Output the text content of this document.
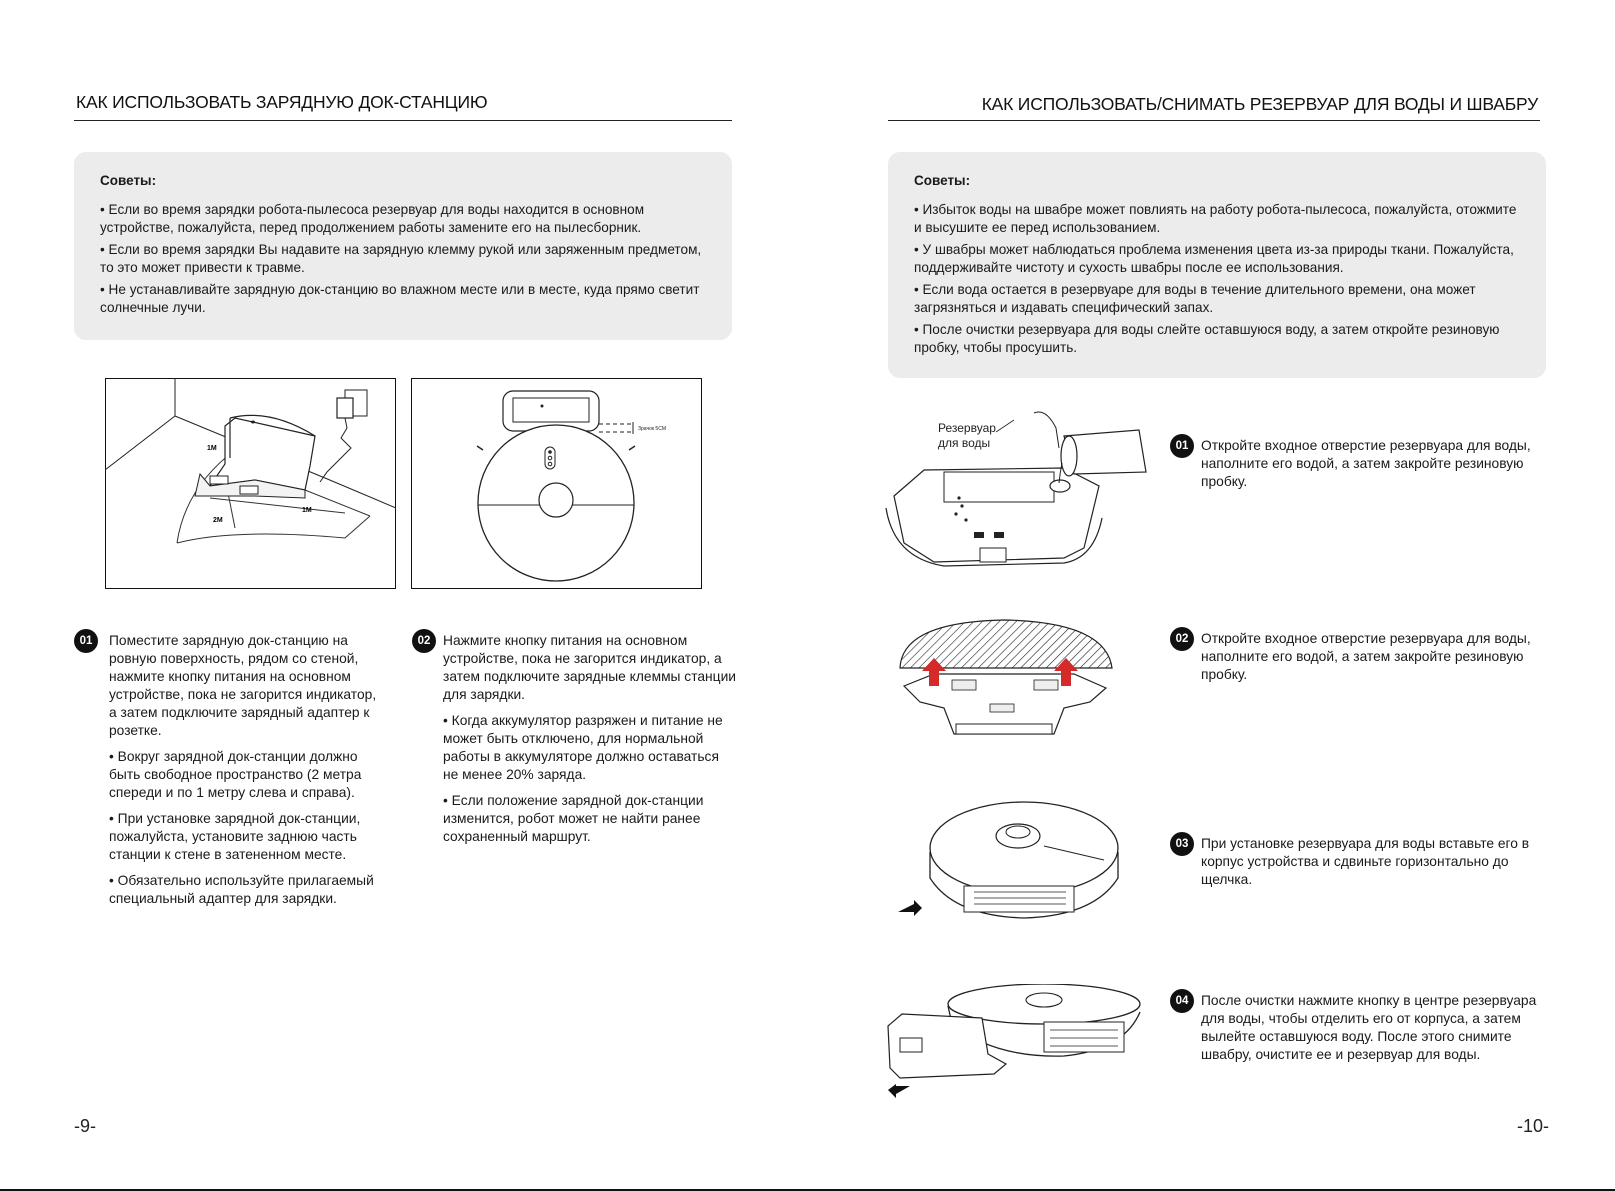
КАК ИСПОЛЬЗОВАТЬ ЗАРЯДНУЮ ДОК-СТАНЦИЮ
Советы:

• Если во время зарядки робота-пылесоса резервуар для воды находится в основном устройстве, пожалуйста, перед продолжением работы замените его на пылесборник.

• Если во время зарядки Вы надавите на зарядную клемму рукой или заряженным предметом, то это может привести к травме.

• Не устанавливайте зарядную док-станцию во влажном месте или в месте, куда прямо светит солнечные лучи.

1M
1M
2M
Зрачок 5CM
01	Поместите зарядную док-станцию на ровную поверхность, рядом со стеной, нажмите кнопку питания на основном устройстве, пока не загорится индикатор, а затем подключите зарядный адаптер к розетке.

• Вокруг зарядной док-станции должно быть свободное пространство (2 метра спереди и по 1 метру слева и справа).

• При установке зарядной док-станции, пожалуйста, установите заднюю часть станции к стене в затененном месте.

• Обязательно используйте прилагаемый специальный адаптер для зарядки.

02 Нажмите кнопку питания на основном устройстве, пока не загорится индикатор, а затем подключите зарядные клеммы станции для зарядки.

• Когда аккумулятор разряжен и питание не может быть отключено, для нормальной работы в аккумуляторе должно оставаться не менее 20% заряда.

• Если положение зарядной док-станции изменится, робот может не найти ранее сохраненный маршрут.

-9-
КАК ИСПОЛЬЗОВАТЬ/СНИМАТЬ РЕЗЕРВУАР ДЛЯ ВОДЫ И ШВАБРУ
Советы:

• Избыток воды на швабре может повлиять на работу робота-пылесоса, пожалуйста, отожмите и высушите ее перед использованием.

• У швабры может наблюдаться проблема изменения цвета из-за природы ткани. Пожалуйста, поддерживайте чистоту и сухость швабры после ее использования.

• Если вода остается в резервуаре для воды в течение длительного времени, она может загрязняться и издавать специфический запах.

• После очистки резервуара для воды слейте оставшуюся воду, а затем откройте резиновую пробку, чтобы просушить.

Резервуар
для воды	01 Откройте входное отверстие резервуара для воды, наполните его водой, а затем закройте резиновую пробку.
02 Откройте входное отверстие резервуара для воды, наполните его водой, а затем закройте резиновую пробку.
03 При установке резервуара для воды вставьте его в корпус устройства и сдвиньте горизонтально до щелчка.
04 После очистки нажмите кнопку в центре резервуара для воды, чтобы отделить его от корпуса, а затем вылейте оставшуюся воду. После этого снимите швабру, очистите ее и резервуар для воды.
-10-
